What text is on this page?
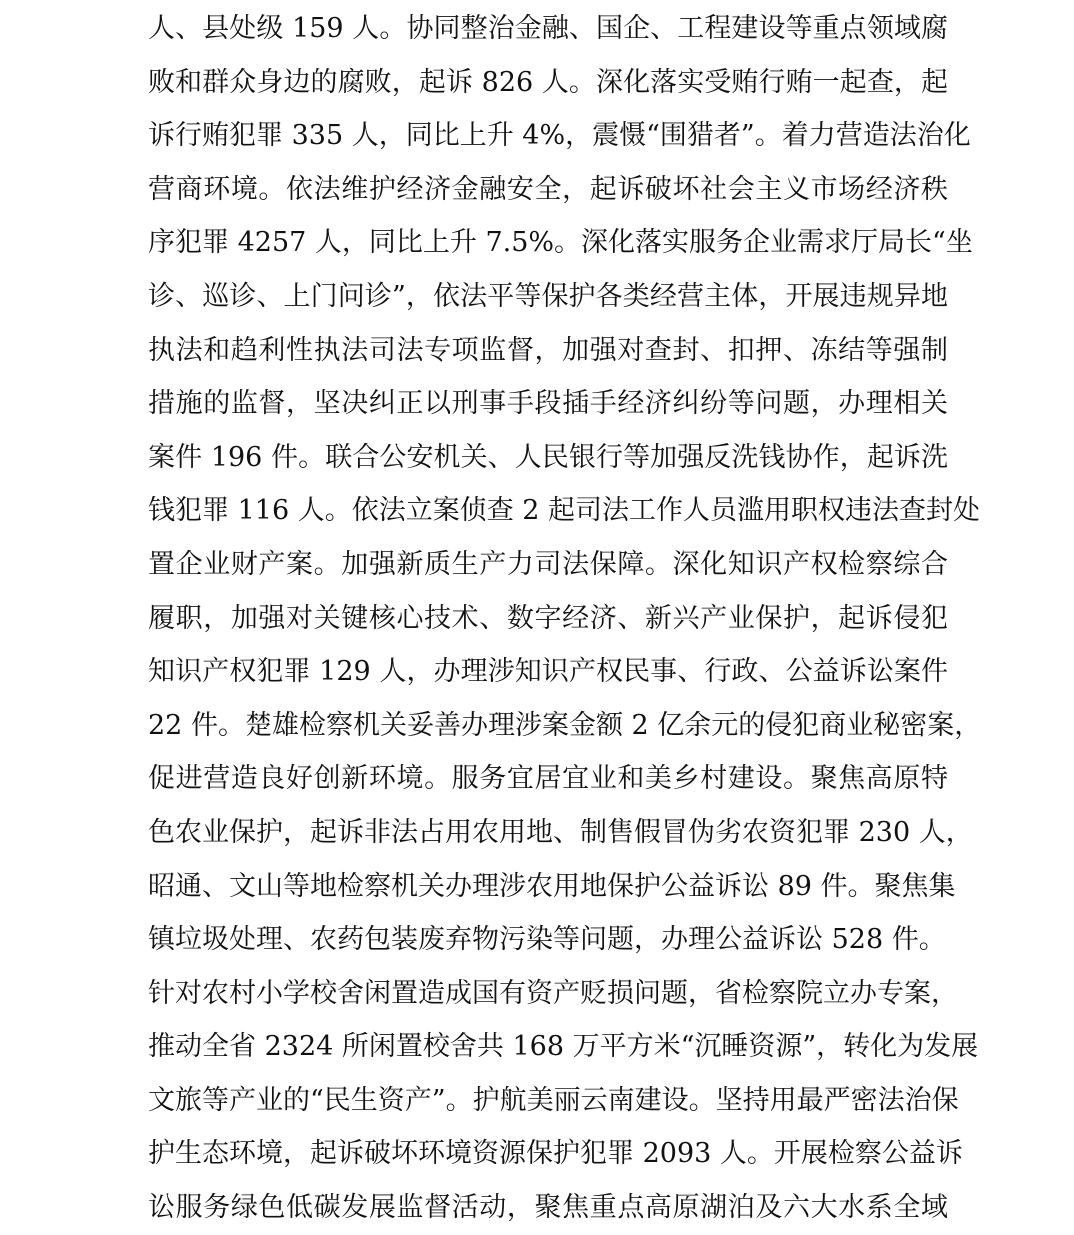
人、县处级 159 人。协同整治金融、国企、工程建设等重点领域腐
败和群众身边的腐败，起诉 826 人。深化落实受贿行贿一起查，起
诉行贿犯罪 335 人，同比上升 4%，震慑“围猎者”。着力营造法治化
营商环境。依法维护经济金融安全，起诉破坏社会主义市场经济秩
序犯罪 4257 人，同比上升 7.5%。深化落实服务企业需求厅局长“坐
诊、巡诊、上门问诊”，依法平等保护各类经营主体，开展违规异地
执法和趋利性执法司法专项监督，加强对查封、扣押、冻结等强制
措施的监督，坚决纠正以刑事手段插手经济纠纷等问题，办理相关
案件 196 件。联合公安机关、人民银行等加强反洗钱协作，起诉洗
钱犯罪 116 人。依法立案侦查 2 起司法工作人员滥用职权违法查封处
置企业财产案。加强新质生产力司法保障。深化知识产权检察综合
履职，加强对关键核心技术、数字经济、新兴产业保护，起诉侵犯
知识产权犯罪 129 人，办理涉知识产权民事、行政、公益诉讼案件
22 件。楚雄检察机关妥善办理涉案金额 2 亿余元的侵犯商业秘密案，
促进营造良好创新环境。服务宜居宜业和美乡村建设。聚焦高原特
色农业保护，起诉非法占用农用地、制售假冒伪劣农资犯罪 230 人，
昭通、文山等地检察机关办理涉农用地保护公益诉讼 89 件。聚焦集
镇垃圾处理、农药包装废弃物污染等问题，办理公益诉讼 528 件。
针对农村小学校舍闲置造成国有资产贬损问题，省检察院立办专案，
推动全省 2324 所闲置校舍共 168 万平方米“沉睡资源”，转化为发展
文旅等产业的“民生资产”。护航美丽云南建设。坚持用最严密法治保
护生态环境，起诉破坏环境资源保护犯罪 2093 人。开展检察公益诉
讼服务绿色低碳发展监督活动，聚焦重点高原湖泊及六大水系全域
